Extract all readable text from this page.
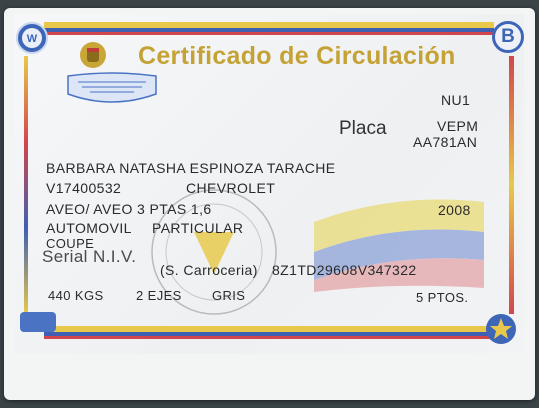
W	B
Certificado de Circulación
NU1
Placa	VEPM
AA781AN
BARBARA NATASHA ESPINOZA TARACHE
V17400532	CHEVROLET
AVEO/ AVEO 3 PTAS 1,6	2008
AUTOMOVIL PARTICULAR
COUPE
Serial N.I.V.
(S. Carroceria) 8Z1TD29608V347322
440 KGS 2 EJES GRIS	5 PTOS.
